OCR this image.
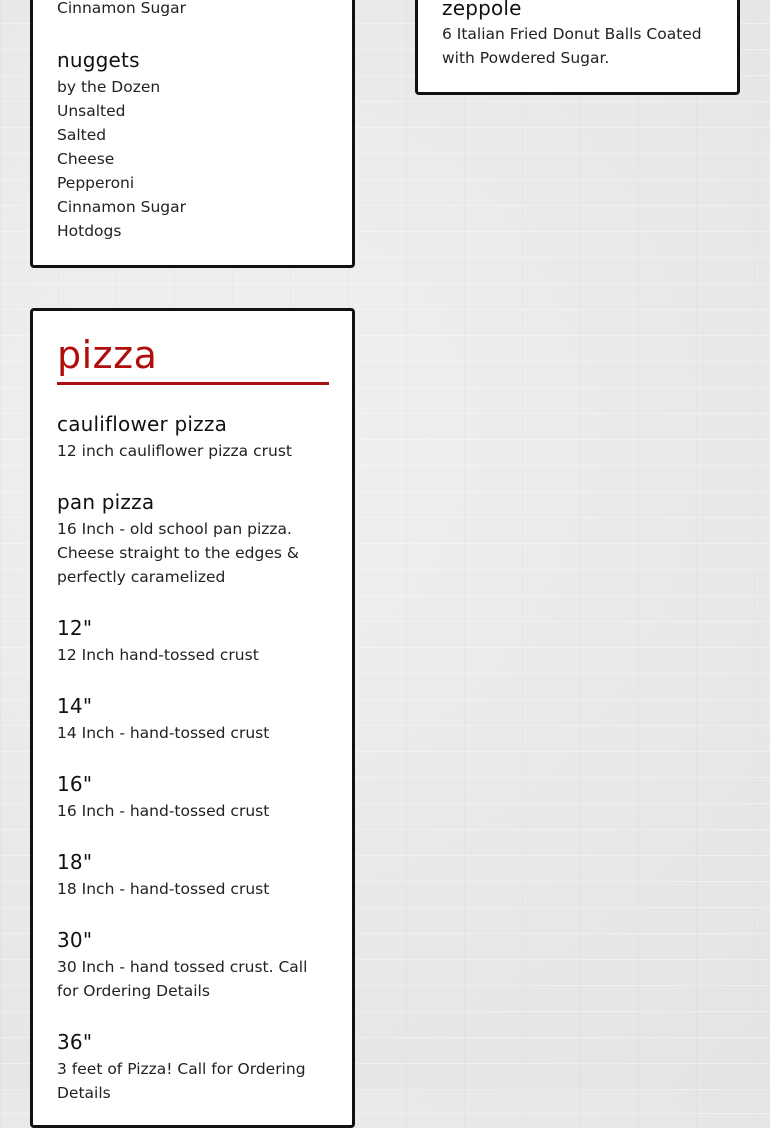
Cinnamon Sugar
nuggets
by the Dozen
Unsalted
Salted
Cheese
Pepperoni
Cinnamon Sugar
Hotdogs
zeppole
6 Italian Fried Donut Balls Coated with Powdered Sugar.
pizza
cauliflower pizza
12 inch cauliflower pizza crust
pan pizza
16 Inch - old school pan pizza. Cheese straight to the edges & perfectly caramelized
12"
12 Inch hand-tossed crust
14"
14 Inch - hand-tossed crust
16"
16 Inch - hand-tossed crust
18"
18 Inch - hand-tossed crust
30"
30 Inch - hand tossed crust. Call for Ordering Details
36"
3 feet of Pizza! Call for Ordering Details
